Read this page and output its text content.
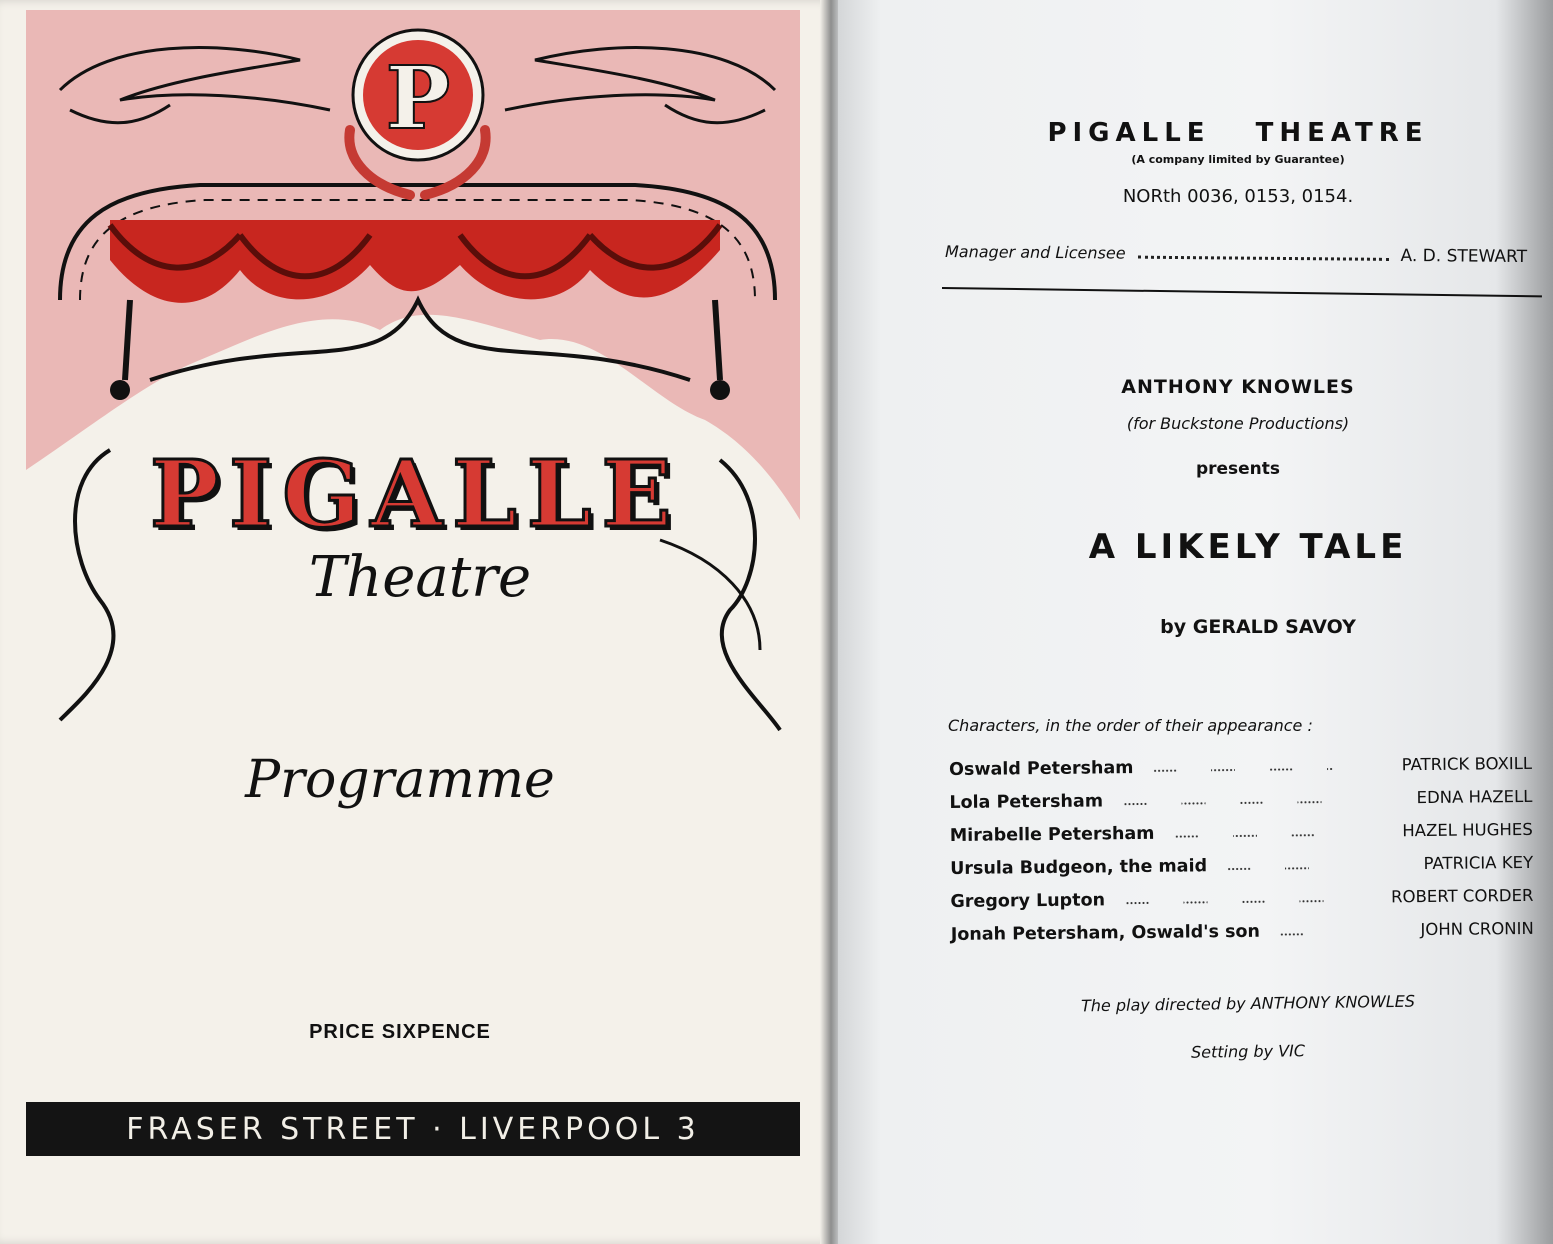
P
PIGALLE
Theatre
Programme
PRICE SIXPENCE
FRASER STREET · LIVERPOOL 3
PIGALLE   THEATRE
(A company limited by Guarantee)
NORth 0036, 0153, 0154.
Manager and Licensee	A. D. STEWART
ANTHONY KNOWLES
(for Buckstone Productions)
presents
A LIKELY TALE
by GERALD SAVOY
Characters, in the order of their appearance :
Oswald Petersham	PATRICK BOXILL
Lola Petersham	EDNA HAZELL
Mirabelle Petersham	HAZEL HUGHES
Ursula Budgeon, the maid	PATRICIA KEY
Gregory Lupton	ROBERT CORDER
Jonah Petersham, Oswald's son	JOHN CRONIN
The play directed by ANTHONY KNOWLES
Setting by VIC
